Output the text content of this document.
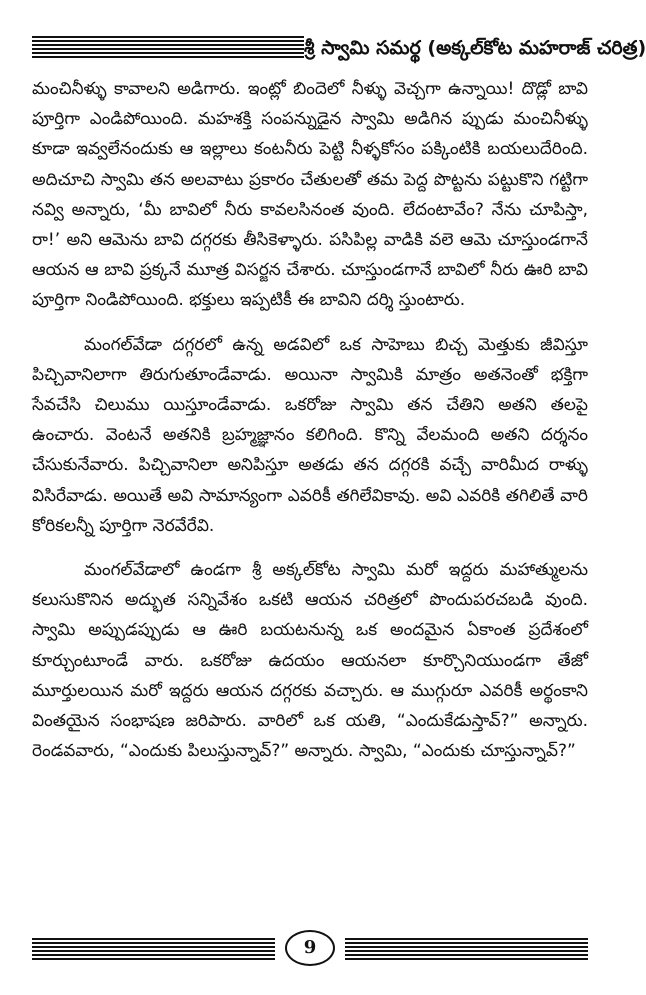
శ్రీ స్వామి సమర్థ (అక్కల్‌కోట మహరాజ్ చరిత్ర)

మంచినీళ్ళు కావాలని అడిగారు. ఇంట్లో బిందెలో నీళ్ళు వెచ్చగా ఉన్నాయి! దొడ్లో బావి పూర్తిగా ఎండిపోయింది. మహశక్తి సంపన్నుడైన స్వామి అడిగిన ప్పుడు మంచినీళ్ళు కూడా ఇవ్వలేనందుకు ఆ ఇల్లాలు కంటనీరు పెట్టి నీళ్ళకోసం పక్కింటికి బయలుదేరింది. అదిచూచి స్వామి తన అలవాటు ప్రకారం చేతులతో తమ పెద్ద పొట్టను పట్టుకొని గట్టిగా నవ్వి అన్నారు, ‘మీ బావిలో నీరు కావలసినంత వుంది. లేదంటావేం? నేను చూపిస్తా, రా!’ అని ఆమెను బావి దగ్గరకు తీసికెళ్ళారు. పసిపిల్ల వాడికి వలె ఆమె చూస్తుండగానే ఆయన ఆ బావి ప్రక్కనే మూత్ర విసర్జన చేశారు. చూస్తుండగానే బావిలో నీరు ఊరి బావి పూర్తిగా నిండిపోయింది. భక్తులు ఇప్పటికీ ఈ బావిని దర్శి స్తుంటారు.

మంగల్‌వేడా దగ్గరలో ఉన్న అడవిలో ఒక సాహెబు బిచ్చ మెత్తుకు జీవిస్తూ పిచ్చివానిలాగా తిరుగుతూండేవాడు. అయినా స్వామికి మాత్రం అతనెంతో భక్తిగా సేవచేసి చిలుము యిస్తూండేవాడు. ఒకరోజు స్వామి తన చేతిని అతని తలపై ఉంచారు. వెంటనే అతనికి బ్రహ్మజ్ఞానం కలిగింది. కొన్ని వేలమంది అతని దర్శనం చేసుకునేవారు. పిచ్చివానిలా అనిపిస్తూ అతడు తన దగ్గరకి వచ్చే వారిమీద రాళ్ళు విసిరేవాడు. అయితే అవి సామాన్యంగా ఎవరికీ తగిలేవికావు. అవి ఎవరికి తగిలితే వారి కోరికలన్నీ పూర్తిగా నెరవేరేవి.

మంగల్‌వేడాలో ఉండగా శ్రీ అక్కల్‌కోట స్వామి మరో ఇద్దరు మహాత్ములను కలుసుకొనిన అద్భుత సన్నివేశం ఒకటి ఆయన చరిత్రలో పొందుపరచబడి వుంది. స్వామి అప్పుడప్పుడు ఆ ఊరి బయటనున్న ఒక అందమైన ఏకాంత ప్రదేశంలో కూర్చుంటూండే వారు. ఒకరోజు ఉదయం ఆయనలా కూర్చొనియుండగా తేజో మూర్తులయిన మరో ఇద్దరు ఆయన దగ్గరకు వచ్చారు. ఆ ముగ్గురూ ఎవరికీ అర్థంకాని వింతయైన సంభాషణ జరిపారు. వారిలో ఒక యతి, “ఎందుకేడుస్తావ్?” అన్నారు. రెండవవారు, “ఎందుకు పిలుస్తున్నావ్?” అన్నారు. స్వామి, “ఎందుకు చూస్తున్నావ్?”

9
